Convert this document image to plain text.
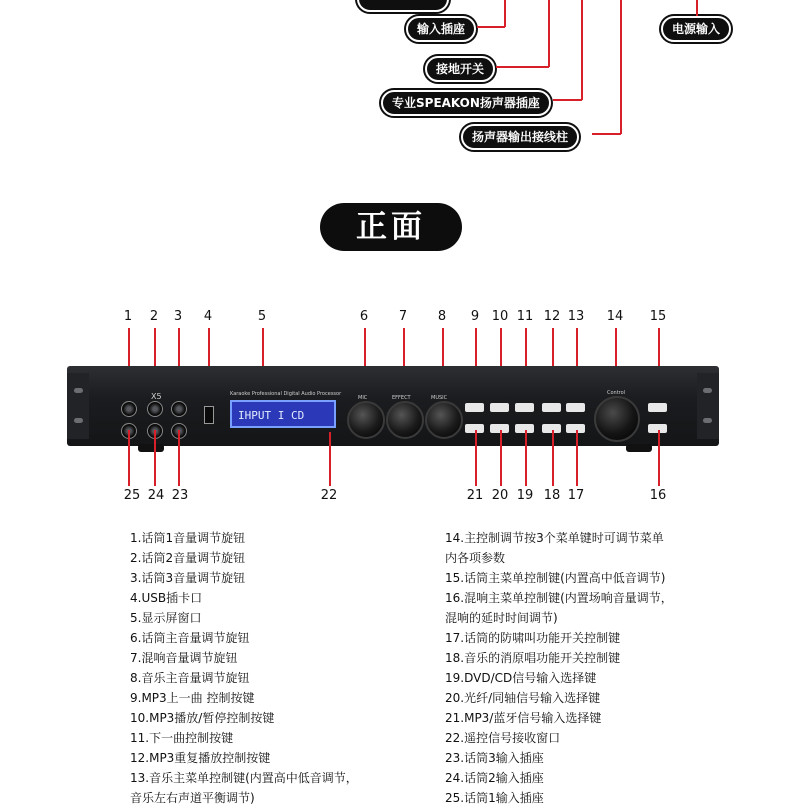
输入插座
接地开关
专业SPEAKON扬声器插座
扬声器输出接线柱
电源输入
正面
1	2	3	4	5	6	7	8	9 10 11 12 13	14	15
X5	Karaoke Professional Digital Audio Processor
IHPUT I CD
MIC	EFFECT	MUSIC
Control
25 24 23	22	21 20 19 18 17	16
1.话筒1音量调节旋钮
2.话筒2音量调节旋钮
3.话筒3音量调节旋钮
4.USB插卡口
5.显示屏窗口
6.话筒主音量调节旋钮
7.混响音量调节旋钮
8.音乐主音量调节旋钮
9.MP3上一曲 控制按键
10.MP3播放/暂停控制按键
11.下一曲控制按键
12.MP3重复播放控制按键
13.音乐主菜单控制键(内置高中低音调节，
音乐左右声道平衡调节)
14.主控制调节按3个菜单键时可调节菜单
内各项参数
15.话筒主菜单控制键(内置高中低音调节)
16.混响主菜单控制键(内置场响音量调节，
混响的延时时间调节)
17.话筒的防啸叫功能开关控制键
18.音乐的消原唱功能开关控制键
19.DVD/CD信号输入选择键
20.光纤/同轴信号输入选择键
21.MP3/蓝牙信号输入选择键
22.遥控信号接收窗口
23.话筒3输入插座
24.话筒2输入插座
25.话筒1输入插座
